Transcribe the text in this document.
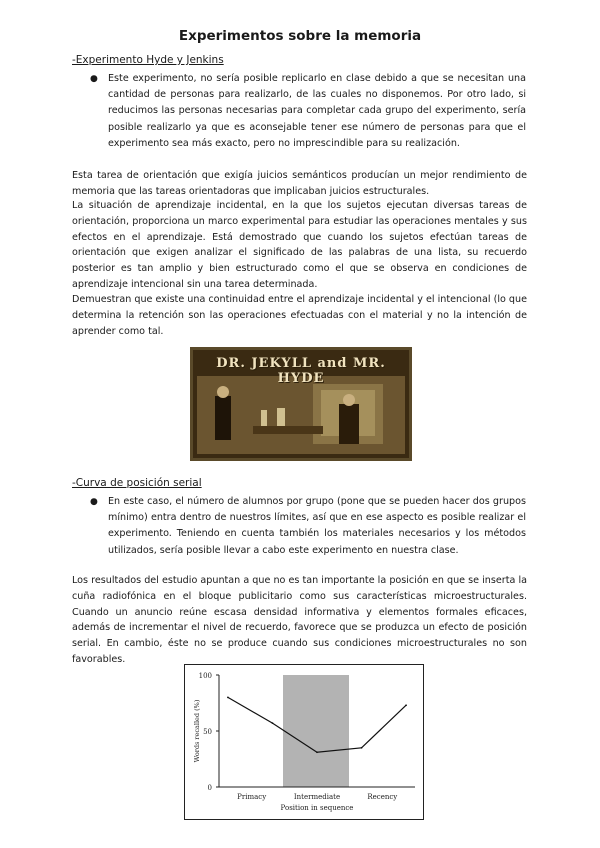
Experimentos sobre la memoria
-Experimento Hyde y Jenkins
●	Este experimento, no sería posible replicarlo en clase debido a que se necesitan una cantidad de personas para realizarlo, de las cuales no disponemos. Por otro lado, si reducimos las personas necesarias para completar cada grupo del experimento, sería posible realizarlo ya que es aconsejable tener ese número de personas para que el experimento sea más exacto, pero no imprescindible para su realización.

Esta tarea de orientación que exigía juicios semánticos producían un mejor rendimiento de memoria que las tareas orientadoras que implicaban juicios estructurales.

La situación de aprendizaje incidental, en la que los sujetos ejecutan diversas tareas de orientación, proporciona un marco experimental para estudiar las operaciones mentales y sus efectos en el aprendizaje. Está demostrado que cuando los sujetos efectúan tareas de orientación que exigen analizar el significado de las palabras de una lista, su recuerdo posterior es tan amplio y bien estructurado como el que se observa en condiciones de aprendizaje intencional sin una tarea determinada.

Demuestran que existe una continuidad entre el aprendizaje incidental y el intencional (lo que determina la retención son las operaciones efectuadas con el material y no la intención de aprender como tal.

DR. JEKYLL and MR. HYDE
-Curva de posición serial
●	En este caso, el número de alumnos por grupo (pone que se pueden hacer dos grupos mínimo) entra dentro de nuestros límites, así que en ese aspecto es posible realizar el experimento. Teniendo en cuenta también los materiales necesarios y los métodos utilizados, sería posible llevar a cabo este experimento en nuestra clase.

Los resultados del estudio apuntan a que no es tan importante la posición en que se inserta la cuña radiofónica en el bloque publicitario como sus características microestructurales. Cuando un anuncio reúne escasa densidad informativa y elementos formales eficaces, además de incrementar el nivel de recuerdo, favorece que se produzca un efecto de posición serial. En cambio, éste no se produce cuando sus condiciones microestructurales no son favorables.

0
50
100
Primacy	Intermediate	Recency
Position in sequence
Words recalled (%)
